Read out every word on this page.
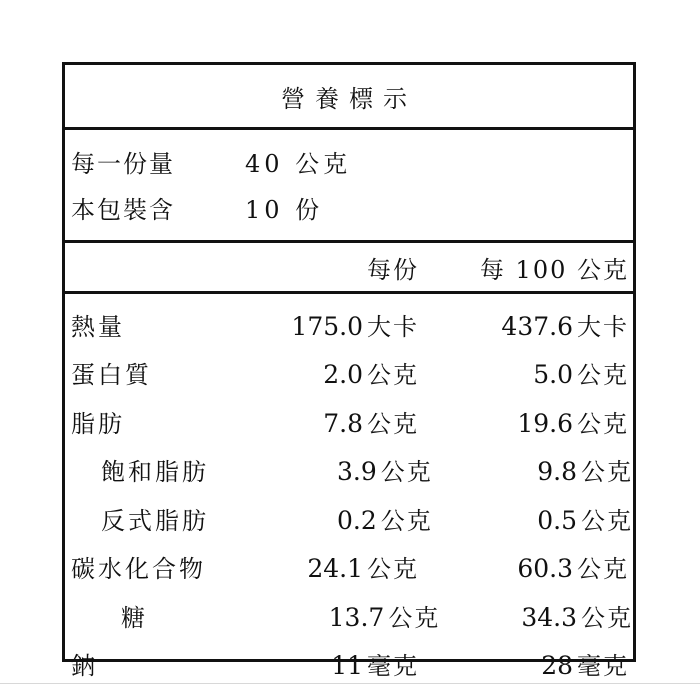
營養標示
每一份量	40 公克
本包裝含	10 份
每份	每 100 公克
熱量	175.0 大卡	437.6 大卡
蛋白質	2.0 公克	5.0 公克
脂肪	7.8 公克	19.6 公克
飽和脂肪	3.9 公克	9.8 公克
反式脂肪	0.2 公克	0.5 公克
碳水化合物	24.1 公克	60.3 公克
糖	13.7 公克	34.3 公克
鈉	11 毫克	28 毫克
